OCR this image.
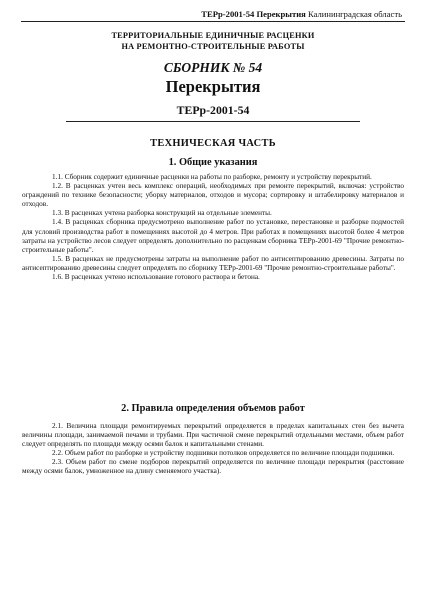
ТЕРр-2001-54 Перекрытия Калининградская область
ТЕРРИТОРИАЛЬНЫЕ ЕДИНИЧНЫЕ РАСЦЕНКИ
НА РЕМОНТНО-СТРОИТЕЛЬНЫЕ РАБОТЫ
СБОРНИК № 54
Перекрытия
ТЕРр-2001-54
ТЕХНИЧЕСКАЯ ЧАСТЬ
1. Общие указания

1.1. Сборник содержит единичные расценки на работы по разборке, ремонту и устройству перекрытий.

1.2. В расценках учтен весь комплекс операций, необходимых при ремонте перекрытий, включая: устройство ограждений по технике безопасности; уборку материалов, отходов и мусора; сортировку и штабелировку материалов и отходов.

1.3. В расценках учтена разборка конструкций на отдельные элементы.

1.4. В расценках сборника предусмотрено выполнение работ по установке, перестановке и разборке подмостей для условий производства работ в помещениях высотой до 4 метров. При работах в помещениях высотой более 4 метров затраты на устройство лесов следует определять дополнительно по расценкам сборника ТЕРр-2001-69 "Прочие ремонтно-строительные работы".

1.5. В расценках не предусмотрены затраты на выполнение работ по антисептированию древесины. Затраты по антисептированию древесины следует определять по сборнику ТЕРр-2001-69 "Прочие ремонтно-строительные работы".

1.6. В расценках учтено использование готового раствора и бетона.

2. Правила определения объемов работ

2.1. Величина площади ремонтируемых перекрытий определяется в пределах капитальных стен без вычета величины площади, занимаемой печами и трубами. При частичной смене перекрытий отдельными местами, объем работ следует определять по площади между осями балок и капитальными стенами.

2.2. Объем работ по разборке и устройству подшивки потолков определяется по величине площади подшивки.

2.3. Объем работ по смене подборов перекрытий определяется по величине площади перекрытия (расстояние между осями балок, умноженное на длину сменяемого участка).
